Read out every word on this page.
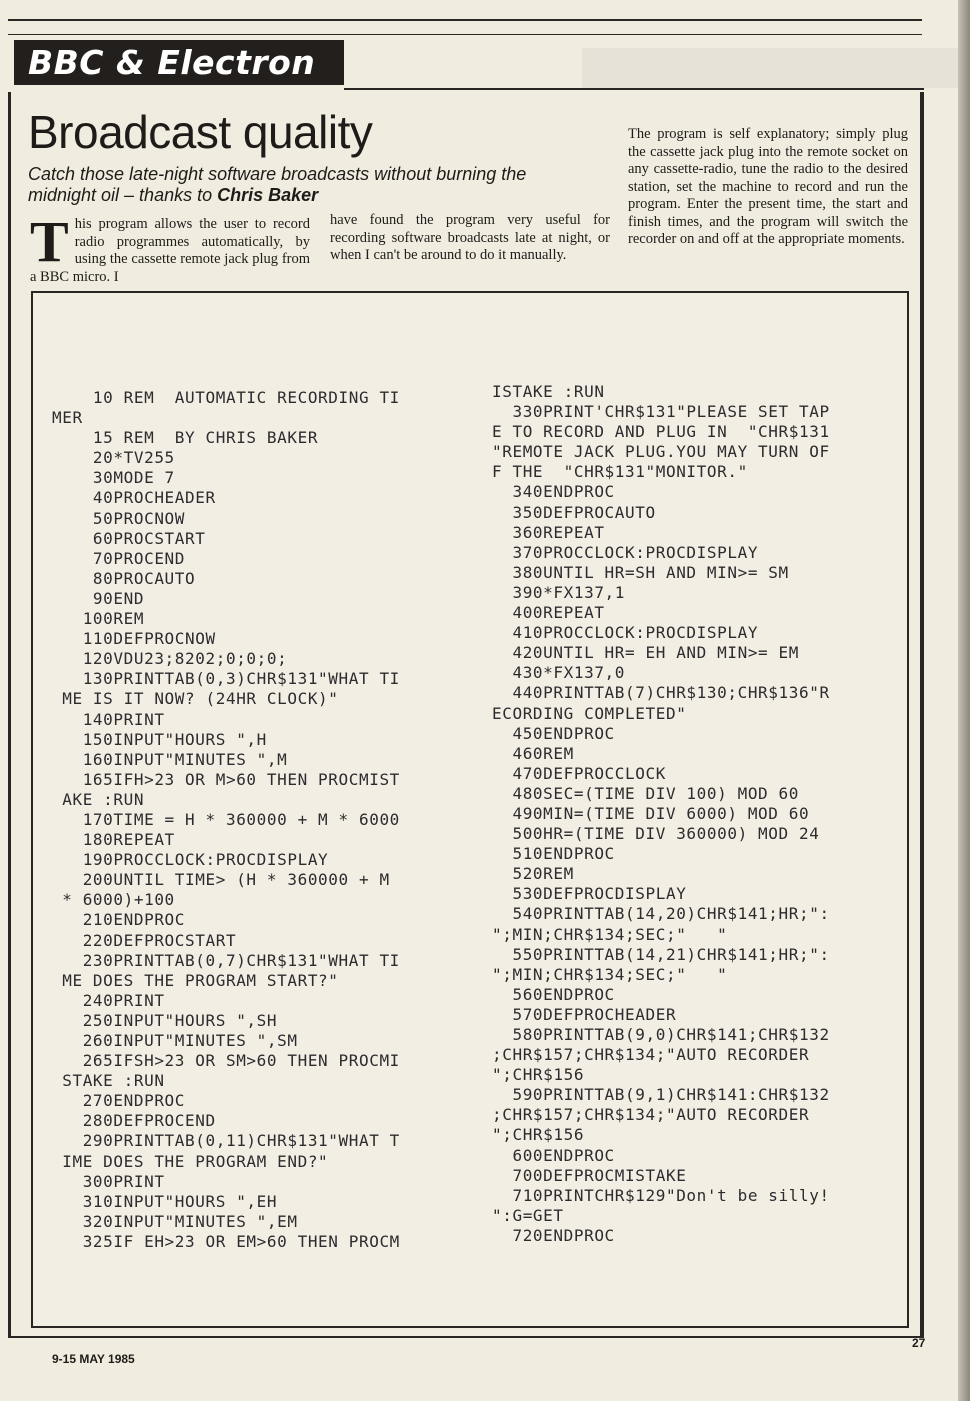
BBC & Electron
Broadcast quality
Catch those late-night software broadcasts without burning the midnight oil – thanks to Chris Baker
This program allows the user to record radio programmes automatically, by using the cassette remote jack plug from a BBC micro. I
have found the program very useful for recording software broadcasts late at night, or when I can't be around to do it manually.
The program is self explanatory; simply plug the cassette jack plug into the remote socket on any cassette-radio, tune the radio to the desired station, set the machine to record and run the program. Enter the present time, the start and finish times, and the program will switch the recorder on and off at the appropriate moments.
10 REM  AUTOMATIC RECORDING TI
MER
15 REM  BY CHRIS BAKER
20*TV255
30MODE 7
40PROCHEADER
50PROCNOW
60PROCSTART
70PROCEND
80PROCAUTO
90END
100REM
110DEFPROCNOW
120VDU23;8202;0;0;0;
130PRINTTAB(0,3)CHR$131"WHAT TI
ME IS IT NOW? (24HR CLOCK)"
140PRINT
150INPUT"HOURS ",H
160INPUT"MINUTES ",M
165IFH>23 OR M>60 THEN PROCMIST
AKE :RUN
170TIME = H * 360000 + M * 6000
180REPEAT
190PROCCLOCK:PROCDISPLAY
200UNTIL TIME> (H * 360000 + M
* 6000)+100
210ENDPROC
220DEFPROCSTART
230PRINTTAB(0,7)CHR$131"WHAT TI
ME DOES THE PROGRAM START?"
240PRINT
250INPUT"HOURS ",SH
260INPUT"MINUTES ",SM
265IFSH>23 OR SM>60 THEN PROCMI
STAKE :RUN
270ENDPROC
280DEFPROCEND
290PRINTTAB(0,11)CHR$131"WHAT T
IME DOES THE PROGRAM END?"
300PRINT
310INPUT"HOURS ",EH
320INPUT"MINUTES ",EM
325IF EH>23 OR EM>60 THEN PROCM
ISTAKE :RUN
330PRINT'CHR$131"PLEASE SET TAP
E TO RECORD AND PLUG IN  "CHR$131
"REMOTE JACK PLUG.YOU MAY TURN OF
F THE  "CHR$131"MONITOR."
340ENDPROC
350DEFPROCAUTO
360REPEAT
370PROCCLOCK:PROCDISPLAY
380UNTIL HR=SH AND MIN>= SM
390*FX137,1
400REPEAT
410PROCCLOCK:PROCDISPLAY
420UNTIL HR= EH AND MIN>= EM
430*FX137,0
440PRINTTAB(7)CHR$130;CHR$136"R
ECORDING COMPLETED"
450ENDPROC
460REM
470DEFPROCCLOCK
480SEC=(TIME DIV 100) MOD 60
490MIN=(TIME DIV 6000) MOD 60
500HR=(TIME DIV 360000) MOD 24
510ENDPROC
520REM
530DEFPROCDISPLAY
540PRINTTAB(14,20)CHR$141;HR;":
";MIN;CHR$134;SEC;"   "
550PRINTTAB(14,21)CHR$141;HR;":
";MIN;CHR$134;SEC;"   "
560ENDPROC
570DEFPROCHEADER
580PRINTTAB(9,0)CHR$141;CHR$132
;CHR$157;CHR$134;"AUTO RECORDER
";CHR$156
590PRINTTAB(9,1)CHR$141:CHR$132
;CHR$157;CHR$134;"AUTO RECORDER
";CHR$156
600ENDPROC
700DEFPROCMISTAKE
710PRINTCHR$129"Don't be silly!
":G=GET
720ENDPROC
9-15 MAY 1985
27
